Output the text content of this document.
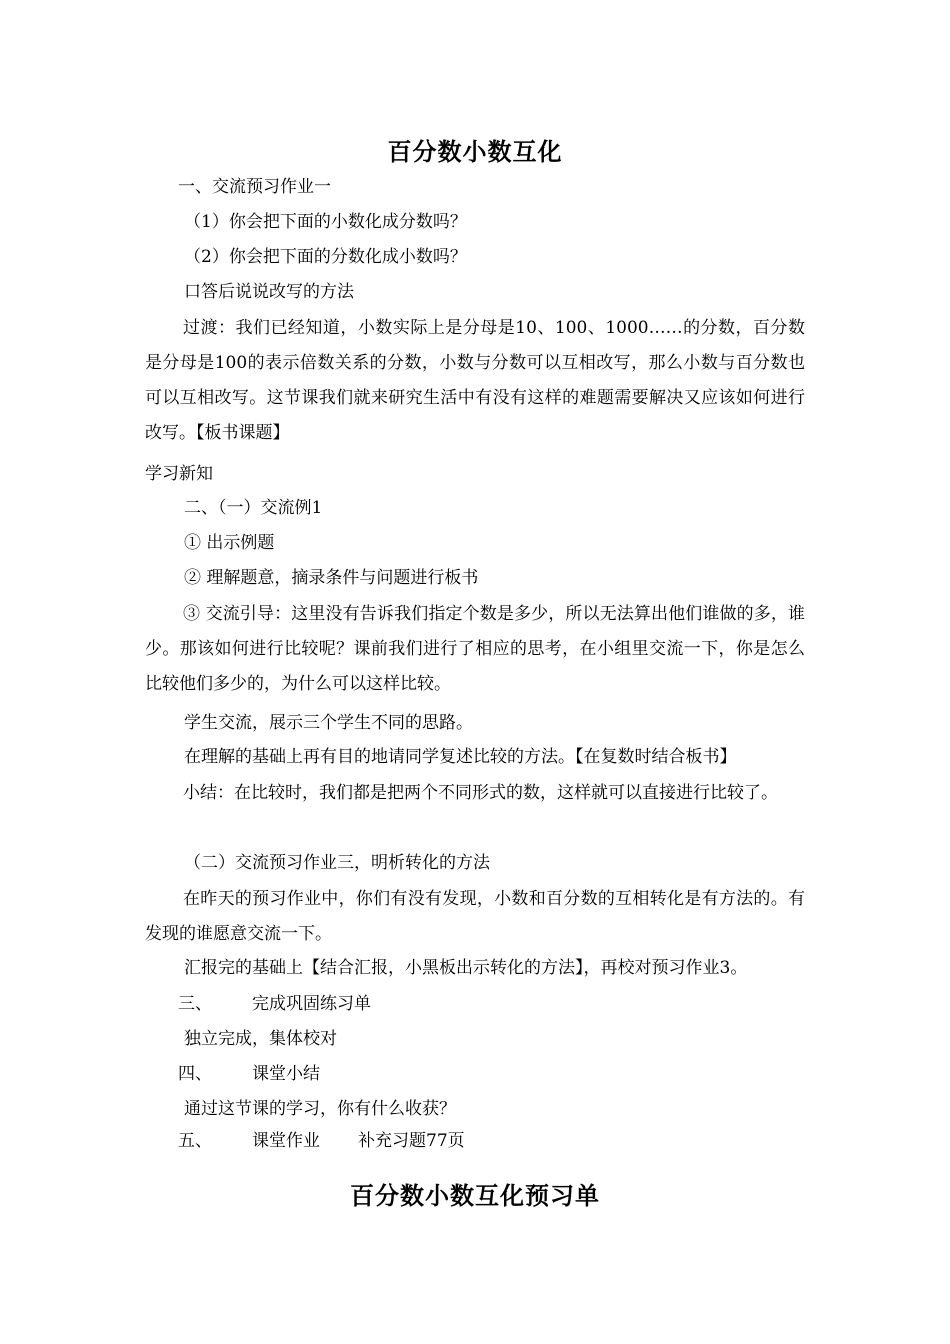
百分数小数互化
一、交流预习作业一
（1）你会把下面的小数化成分数吗？
（2）你会把下面的分数化成小数吗？
口答后说说改写的方法
过渡：我们已经知道，小数实际上是分母是10、100、1000……的分数，百分数是分母是100的表示倍数关系的分数，小数与分数可以互相改写，那么小数与百分数也可以互相改写。这节课我们就来研究生活中有没有这样的难题需要解决又应该如何进行改写。【板书课题】
学习新知
二、（一）交流例1
① 出示例题
② 理解题意，摘录条件与问题进行板书
③ 交流引导：这里没有告诉我们指定个数是多少，所以无法算出他们谁做的多，谁少。那该如何进行比较呢？课前我们进行了相应的思考，在小组里交流一下，你是怎么比较他们多少的，为什么可以这样比较。
学生交流，展示三个学生不同的思路。
在理解的基础上再有目的地请同学复述比较的方法。【在复数时结合板书】
小结：在比较时，我们都是把两个不同形式的数，这样就可以直接进行比较了。
（二）交流预习作业三，明析转化的方法
在昨天的预习作业中，你们有没有发现，小数和百分数的互相转化是有方法的。有发现的谁愿意交流一下。
汇报完的基础上【结合汇报，小黑板出示转化的方法】，再校对预习作业3。
三、 完成巩固练习单
独立完成，集体校对
四、 课堂小结
通过这节课的学习，你有什么收获？
五、 课堂作业 补充习题77页
百分数小数互化预习单
